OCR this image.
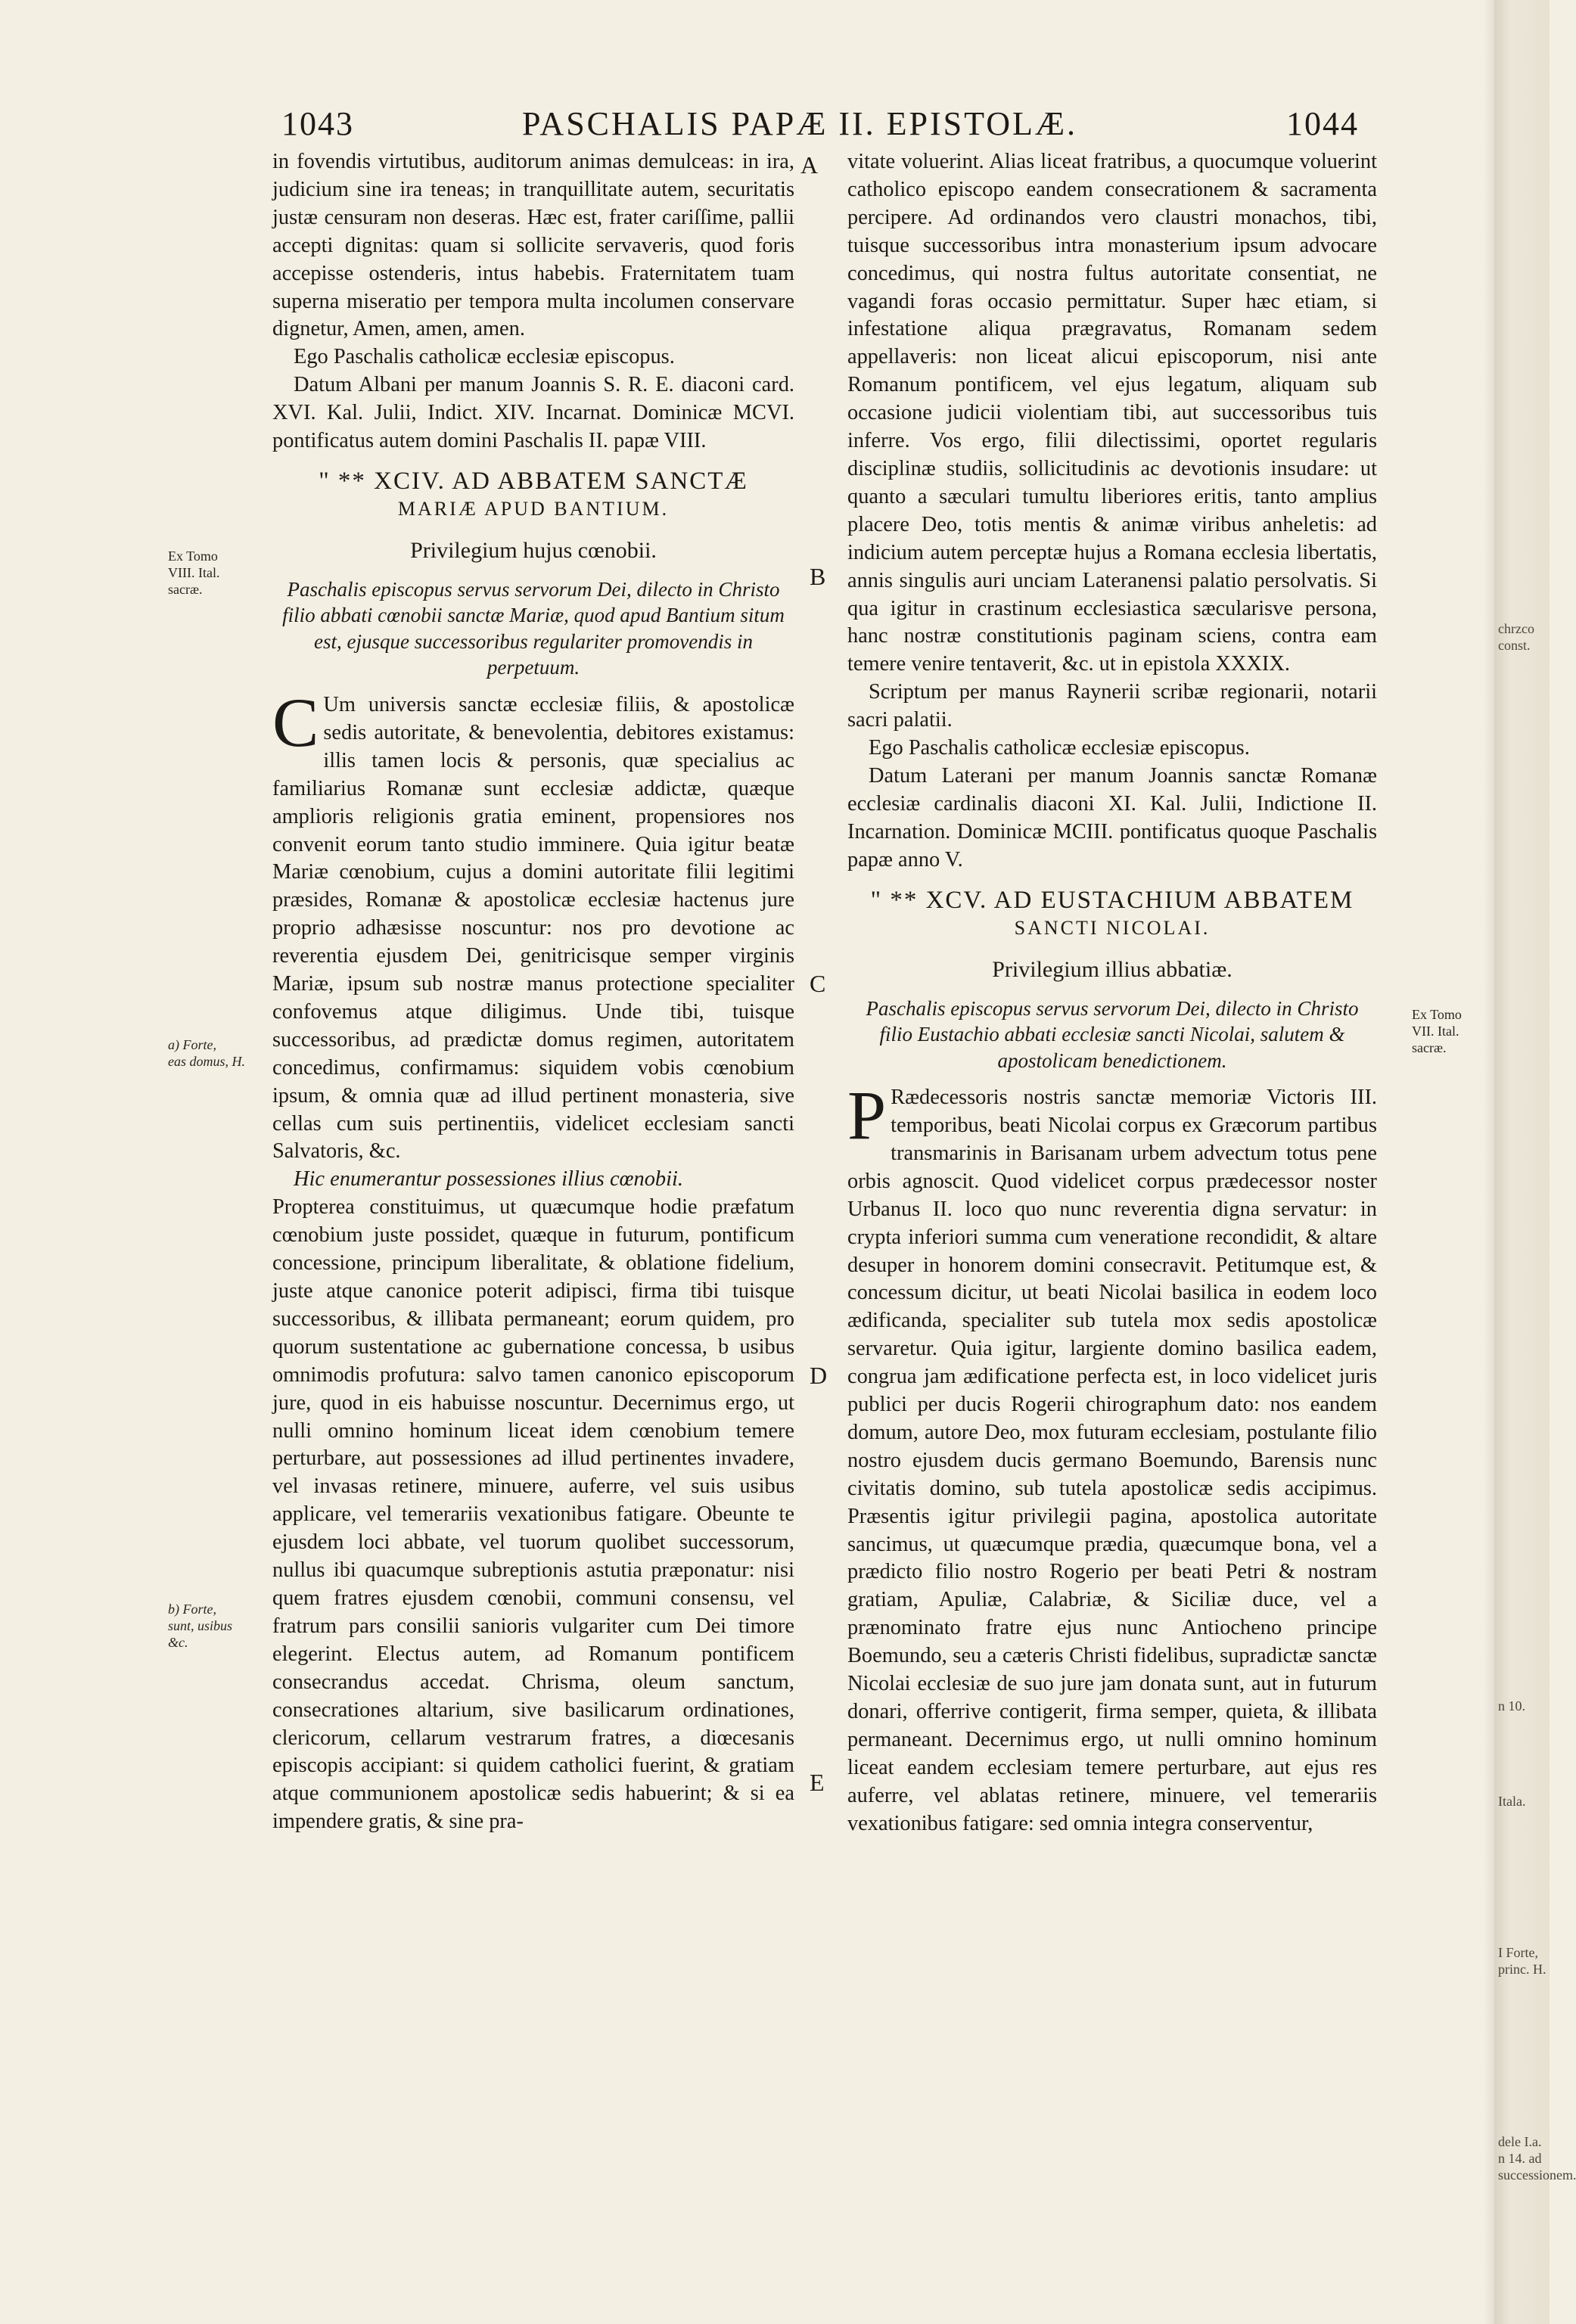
1043	PASCHALIS PAPÆ II. EPISTOLÆ.	1044
A
B
C
D
E
Ex Tomo
VIII. Ital.
sacræ.
a) Forte,
eas domus, H.
b) Forte,
sunt, usibus
&c.
Ex Tomo
VII. Ital.
sacræ.
chrzco
const.
n 10.
Itala.
I Forte,
princ. H.
dele I.a.
n 14. ad
successionem.

in fovendis virtutibus, auditorum animas demulceas: in ira, judicium sine ira teneas; in tranquillitate autem, securitatis justæ censuram non deseras. Hæc est, frater cariſſime, pallii accepti dignitas: quam si sollicite servaveris, quod foris accepisse ostenderis, intus habebis. Fraternitatem tuam superna miseratio per tempora multa incolumen conservare dignetur, Amen, amen, amen.

Ego Paschalis catholicæ ecclesiæ episcopus.

Datum Albani per manum Joannis S. R. E. diaconi card. XVI. Kal. Julii, Indict. XIV. Incarnat. Dominicæ MCVI. pontificatus autem domini Paschalis II. papæ VIII.

" ** XCIV. AD ABBATEM SANCTÆ

MARIÆ APUD BANTIUM.

Privilegium hujus cœnobii.

Paschalis episcopus servus servorum Dei, dilecto in Christo filio abbati cœnobii sanctæ Mariæ, quod apud Bantium situm est, ejusque successoribus regulariter promovendis in perpetuum.

C Um universis sanctæ ecclesiæ filiis, & apostolicæ sedis autoritate, & benevolentia, debitores existamus: illis tamen locis & personis, quæ specialius ac familiarius Romanæ sunt ecclesiæ addictæ, quæque amplioris religionis gratia eminent, propensiores nos convenit eorum tanto studio imminere. Quia igitur beatæ Mariæ cœnobium, cujus a domini autoritate filii legitimi præsides, Romanæ & apostolicæ ecclesiæ hactenus jure proprio adhæsisse noscuntur: nos pro devotione ac reverentia ejusdem Dei, genitricisque semper virginis Mariæ, ipsum sub nostræ manus protectione specialiter confovemus atque diligimus. Unde tibi, tuisque successoribus, ad prædictæ domus regimen, autoritatem concedimus, confirmamus: siquidem vobis cœnobium ipsum, & omnia quæ ad illud pertinent monasteria, sive cellas cum suis pertinentiis, videlicet ecclesiam sancti Salvatoris, &c.

Hic enumerantur possessiones illius cœnobii.

Propterea constituimus, ut quæcumque hodie præfatum cœnobium juste possidet, quæque in futurum, pontificum concessione, principum liberalitate, & oblatione fidelium, juste atque canonice poterit adipisci, firma tibi tuisque successoribus, & illibata permaneant; eorum quidem, pro quorum sustentatione ac gubernatione concessa, b usibus omnimodis profutura: salvo tamen canonico episcoporum jure, quod in eis habuisse noscuntur. Decernimus ergo, ut nulli omnino hominum liceat idem cœnobium temere perturbare, aut possessiones ad illud pertinentes invadere, vel invasas retinere, minuere, auferre, vel suis usibus applicare, vel temerariis vexationibus fatigare. Obeunte te ejusdem loci abbate, vel tuorum quolibet successorum, nullus ibi quacumque subreptionis astutia præponatur: nisi quem fratres ejusdem cœnobii, communi consensu, vel fratrum pars consilii sanioris vulgariter cum Dei timore elegerint. Electus autem, ad Romanum pontificem consecrandus accedat. Chrisma, oleum sanctum, consecrationes altarium, sive basilicarum ordinationes, clericorum, cellarum vestrarum fratres, a diœcesanis episcopis accipiant: si quidem catholici fuerint, & gratiam atque communionem apostolicæ sedis habuerint; & si ea impendere gratis, & sine pra-

vitate voluerint. Alias liceat fratribus, a quocumque voluerint catholico episcopo eandem consecrationem & sacramenta percipere. Ad ordinandos vero claustri monachos, tibi, tuisque successoribus intra monasterium ipsum advocare concedimus, qui nostra fultus autoritate consentiat, ne vagandi foras occasio permittatur. Super hæc etiam, si infestatione aliqua prægravatus, Romanam sedem appellaveris: non liceat alicui episcoporum, nisi ante Romanum pontificem, vel ejus legatum, aliquam sub occasione judicii violentiam tibi, aut successoribus tuis inferre. Vos ergo, filii dilectissimi, oportet regularis disciplinæ studiis, sollicitudinis ac devotionis insudare: ut quanto a sæculari tumultu liberiores eritis, tanto amplius placere Deo, totis mentis & animæ viribus anheletis: ad indicium autem perceptæ hujus a Romana ecclesia libertatis, annis singulis auri unciam Lateranensi palatio persolvatis. Si qua igitur in crastinum ecclesiastica sæcularisve persona, hanc nostræ constitutionis paginam sciens, contra eam temere venire tentaverit, &c. ut in epistola XXXIX.

Scriptum per manus Raynerii scribæ regionarii, notarii sacri palatii.

Ego Paschalis catholicæ ecclesiæ episcopus.

Datum Laterani per manum Joannis sanctæ Romanæ ecclesiæ cardinalis diaconi XI. Kal. Julii, Indictione II. Incarnation. Dominicæ MCIII. pontificatus quoque Paschalis papæ anno V.

" ** XCV. AD EUSTACHIUM ABBATEM

SANCTI NICOLAI.

Privilegium illius abbatiæ.

Paschalis episcopus servus servorum Dei, dilecto in Christo filio Eustachio abbati ecclesiæ sancti Nicolai, salutem & apostolicam benedictionem.

P Rædecessoris nostris sanctæ memoriæ Victoris III. temporibus, beati Nicolai corpus ex Græcorum partibus transmarinis in Barisanam urbem advectum totus pene orbis agnoscit. Quod videlicet corpus prædecessor noster Urbanus II. loco quo nunc reverentia digna servatur: in crypta inferiori summa cum veneratione recondidit, & altare desuper in honorem domini consecravit. Petitumque est, & concessum dicitur, ut beati Nicolai basilica in eodem loco ædificanda, specialiter sub tutela mox sedis apostolicæ servaretur. Quia igitur, largiente domino basilica eadem, congrua jam ædificatione perfecta est, in loco videlicet juris publici per ducis Rogerii chirographum dato: nos eandem domum, autore Deo, mox futuram ecclesiam, postulante filio nostro ejusdem ducis germano Boemundo, Barensis nunc civitatis domino, sub tutela apostolicæ sedis accipimus. Præsentis igitur privilegii pagina, apostolica autoritate sancimus, ut quæcumque prædia, quæcumque bona, vel a prædicto filio nostro Rogerio per beati Petri & nostram gratiam, Apuliæ, Calabriæ, & Siciliæ duce, vel a prænominato fratre ejus nunc Antiocheno principe Boemundo, seu a cæteris Christi fidelibus, supradictæ sanctæ Nicolai ecclesiæ de suo jure jam donata sunt, aut in futurum donari, offerrive contigerit, firma semper, quieta, & illibata permaneant. Decernimus ergo, ut nulli omnino hominum liceat eandem ecclesiam temere perturbare, aut ejus res auferre, vel ablatas retinere, minuere, vel temerariis vexationibus fatigare: sed omnia integra conserventur,
